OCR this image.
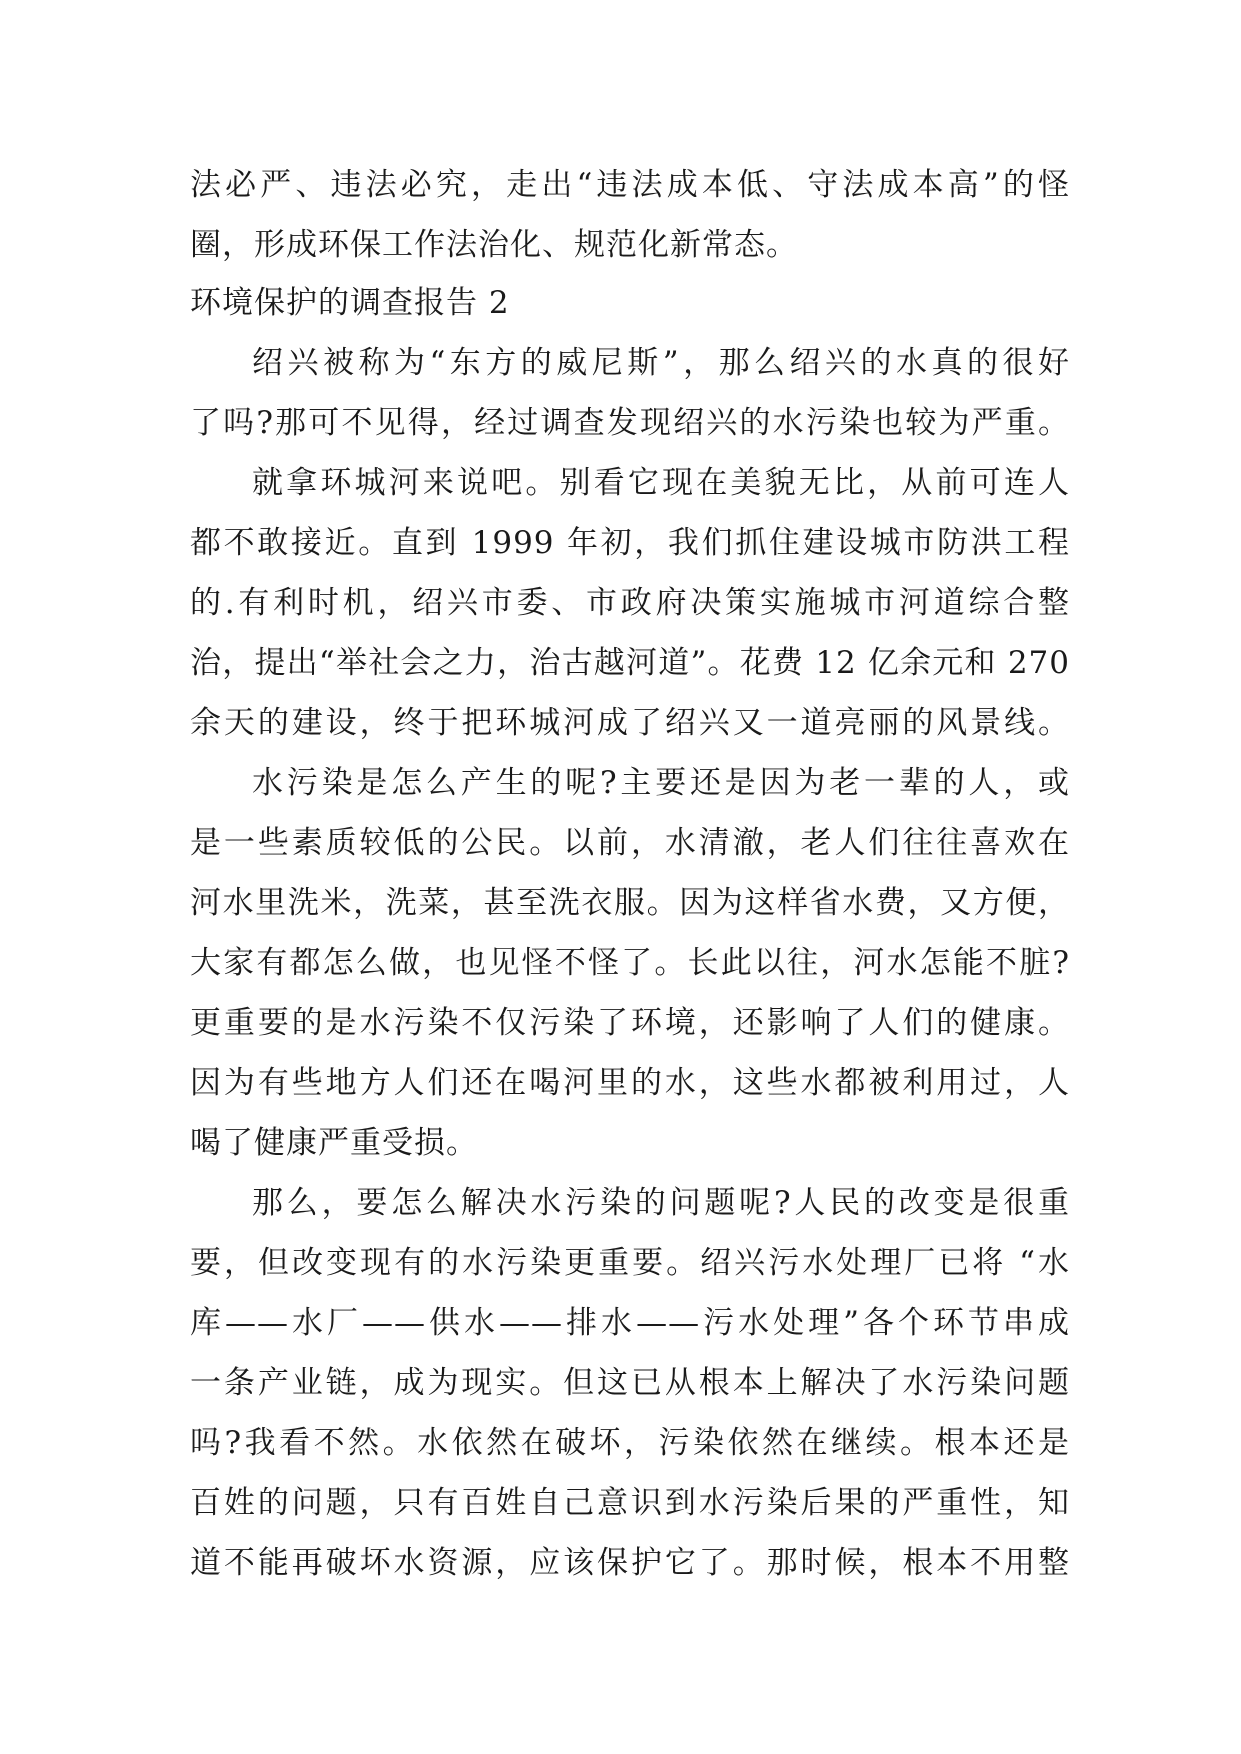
法必严、违法必究，走出“违法成本低、守法成本高”的怪
圈，形成环保工作法治化、规范化新常态。
环境保护的调查报告 2
绍兴被称为“东方的威尼斯”，那么绍兴的水真的很好
了吗?那可不见得，经过调查发现绍兴的水污染也较为严重。
就拿环城河来说吧。别看它现在美貌无比，从前可连人
都不敢接近。直到 1999 年初，我们抓住建设城市防洪工程
的.有利时机，绍兴市委、市政府决策实施城市河道综合整
治，提出“举社会之力，治古越河道”。花费 12 亿余元和 270
余天的建设，终于把环城河成了绍兴又一道亮丽的风景线。
水污染是怎么产生的呢?主要还是因为老一辈的人，或
是一些素质较低的公民。以前，水清澈，老人们往往喜欢在
河水里洗米，洗菜，甚至洗衣服。因为这样省水费，又方便，
大家有都怎么做，也见怪不怪了。长此以往，河水怎能不脏?
更重要的是水污染不仅污染了环境，还影响了人们的健康。
因为有些地方人们还在喝河里的水，这些水都被利用过，人
喝了健康严重受损。
那么，要怎么解决水污染的问题呢?人民的改变是很重
要，但改变现有的水污染更重要。绍兴污水处理厂已将 “水
库——水厂——供水——排水——污水处理”各个环节串成
一条产业链，成为现实。但这已从根本上解决了水污染问题
吗?我看不然。水依然在破坏，污染依然在继续。根本还是
百姓的问题，只有百姓自己意识到水污染后果的严重性，知
道不能再破坏水资源，应该保护它了。那时候，根本不用整
